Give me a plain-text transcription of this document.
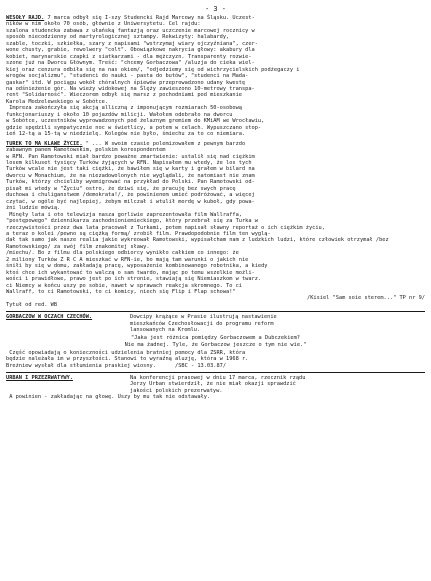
- 3 -

WESOŁY RAJD. 7 marca odbył się I-szy Studencki Rajd Marcowy na Śląsku. Uczest-
ników w nim około 70 osób, głównie z Uniwersytetu. Cel rajdu:
szalona studencka zabawa z ułańską fantazją oraz uczczenie marcowej rocznicy w
sposób niecodzienny od martyrologicznej sztampy. Rekwizyty: halabardy,
szable, toczki, szkiełka, szary z napisami "wstrzymaj wiary ojczyźniana", czer-
wone chusty, grabie, rewolwery "colt". Obowiązkowe nakrycia głowy: akabury dla
kobiet, marynarskie czapki z siatkarzami - dla mężczyzn. Transparenty rozwie-
szone już na Dworcu Głównym. Treść: "chcemy Gorbaczowa" /aluzja do cieka wiel-
kiej oraz cenzura odbiła się na nas okiem/, "odjedziemy się od wichrzycielskich podżegaczy i
wrogów socjalizmu", "studenci do nauki - pasta do butów", "studenci na Mada-
gaskar" itd. W pociągu wokół chóralnych śpiewów przeprowadzono udany kwestę
na odśnieżenie gór. Na wieży widokowej na Ślęży zawieszono 10-metrowy transpa-
rent "Solidarność". Wieczorem odbył się marsz z pochodniami pod mieszkanie
Karola Modzelewskiego w Sobótce.
Impreza zakończyła się akcją alliczną z imponującym rozmiarach 50-osobową
funkcjonariuszy i około 10 pojazdów milicji. Wałołem odebrało na dworcu
w Sobótce, uczestników wyprowadzonych pod żelaznym gremiem do KMiAM we Wrocławiu,
gdzie spędzili sympatycznie noc w świetlicy, a potem w celach. Wypuszczano stop-
ień 12-tą a 15-tą w niedzielę. Kolegów nie było, śmiechu za to co niemiara.

TUREK TO MA KLAWE ŻYCIE. " ... W swoim czasie polemizowałem z pewnym barzdo
zabawnym panem Ramotowskim, polskim korespondentem
w RFN. Pan Ramotowski miał bardzo poważne zmartwienie: ustalił się nad ciężkim
losem kilkuset tysięcy Turków żyjących w RFN. Napisałem mu wtedy, że los tych
Turków wcale nie jest taki ciężki, że bawiłem się w karty i grałem w bilard na
dworcu w Monachium, że na niezadowolonych nie wyglądali, że natomiast nie znam
Turków, którzy chcieliby wyemigrować na przykład do Polski. Pan Ramotowski od-
pisał mi wtedy w "Życiu" ostro, że dziwi się, że pracuję bez swych pracę
duchowa i chuliganstwem /demokrata!/, że powinienem umieć podróżować, a więcej
czytać, w ogóle być najlepiej, żebym milczał i wtulił mordę w kubeł, gdy powa-
żni ludzie mówią.
Minęły lata i oto telewizja nasza gorliwie zaprezentowała film Wallraffa,
"postępowego" dziennikarza zachodnioniemieckiego, który przebrał się za Turka w
rzeczywistości przez dwa lata pracował z Turkami, potem napisał sławny reportaż o ich ciężkim życiu,
a teraz o kolei /pewno są ciężką formą/ zrobił film. Prawdopodobnie film ten wyglą-
dał tak samo jak nasze realia jakie wykreował Ramotowski, wypisałcham nam z ludzkich ludzi, które człowiek otrzymał /bez Ramotowskiego/ za swój film znakomitej sławy.
/miechu/. Bo z filmu dla polskiego odbiorcy wynikło całkiem co innego: że
2 miliony Turków Z R C A mieszkać w RFN-ie, bo mają tam warunki o jakich nie
śniłi by się w domu, zakładają pracę, wyposażenie kombinowanego robotnika, a kiedy
ktoś chce ich wykantować to walczą o sam twardo, mając po temu wszelkie możli-
wości i prawidłowe, prawo jest po ich stronie, stawiają się Niemiaszkom w twarz.
ci Niemcy w końcu uszy po sobie, nawet w sprawach reakcja skromnego. To ci
Wallraff, to ci Ramotowski, to ci komicy, niech się Flip i Flap schowa!"

/Kisiel "Sam soie sterem..." TP nr 9/

Tytuł od red. WB

GORBACZOW W OCZACH CZECHÓW.	Dowcipy krążące w Prasie ilustrują nastawienie
mieszkańców Czechosłowacji do programu reform
lansowanych na Kremlu.

"Jaka jest różnica pomiędzy Gorbaczowem a Dubczekiem?

Nie ma żadnej. Tyle, że Gorbaczow jeszcze o tym nie wie."

Część opowiadają o konieczności udzielenia bratniej pomocy dla ZSRR, która
będzie należała im w przyszłości. Stanowi to wyraźną aluzję, która w 1968 r.
Breżniew wysłał dla stłumienia praskiej wiosny.      /SBC - 13.03.87/

URBAN I PRZEZRWATYWY.	Na konferencji prasowej w dniu 17 marca, rzecznik rządu
Jerzy Urban stwierdził, że nie miał okazji sprawdzić
jakości polskich prezerwatyw.

A powinien - zakładając na głowę. Uszy by mu tak nie odstawały.
